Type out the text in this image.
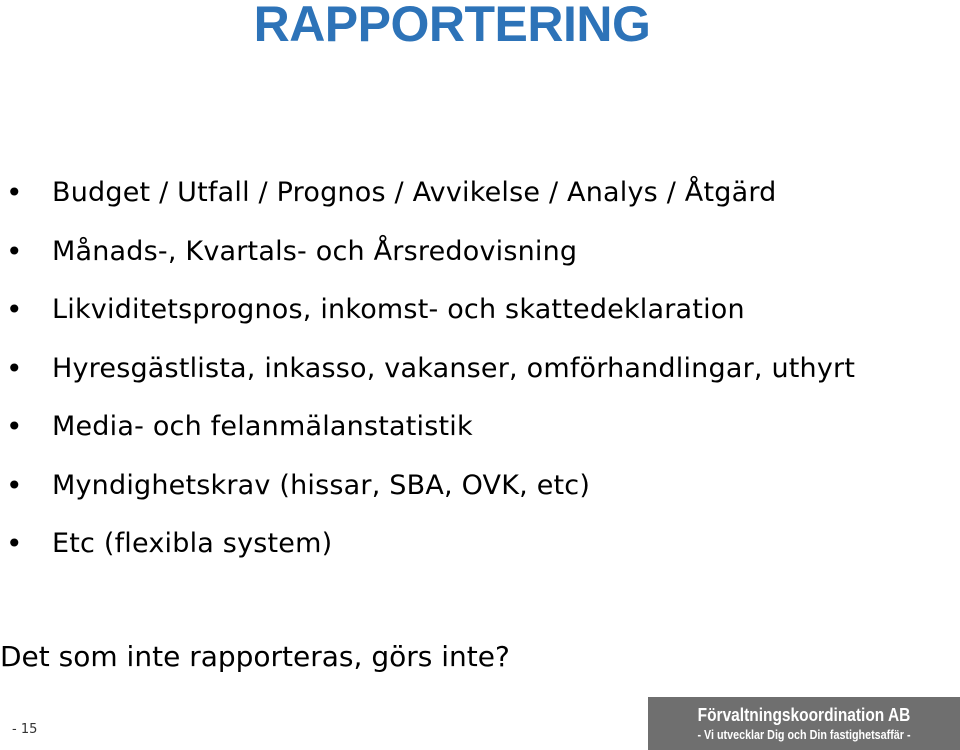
RAPPORTERING
•	Budget / Utfall / Prognos / Avvikelse / Analys / Åtgärd
•	Månads-, Kvartals- och Årsredovisning
•	Likviditetsprognos, inkomst- och skattedeklaration
•	Hyresgästlista, inkasso, vakanser, omförhandlingar, uthyrt
•	Media- och felanmälanstatistik
•	Myndighetskrav (hissar, SBA, OVK, etc)
•	Etc (flexibla system)
Det som inte rapporteras, görs inte?
- 15
Förvaltningskoordination AB
- Vi utvecklar Dig och Din fastighetsaffär -
